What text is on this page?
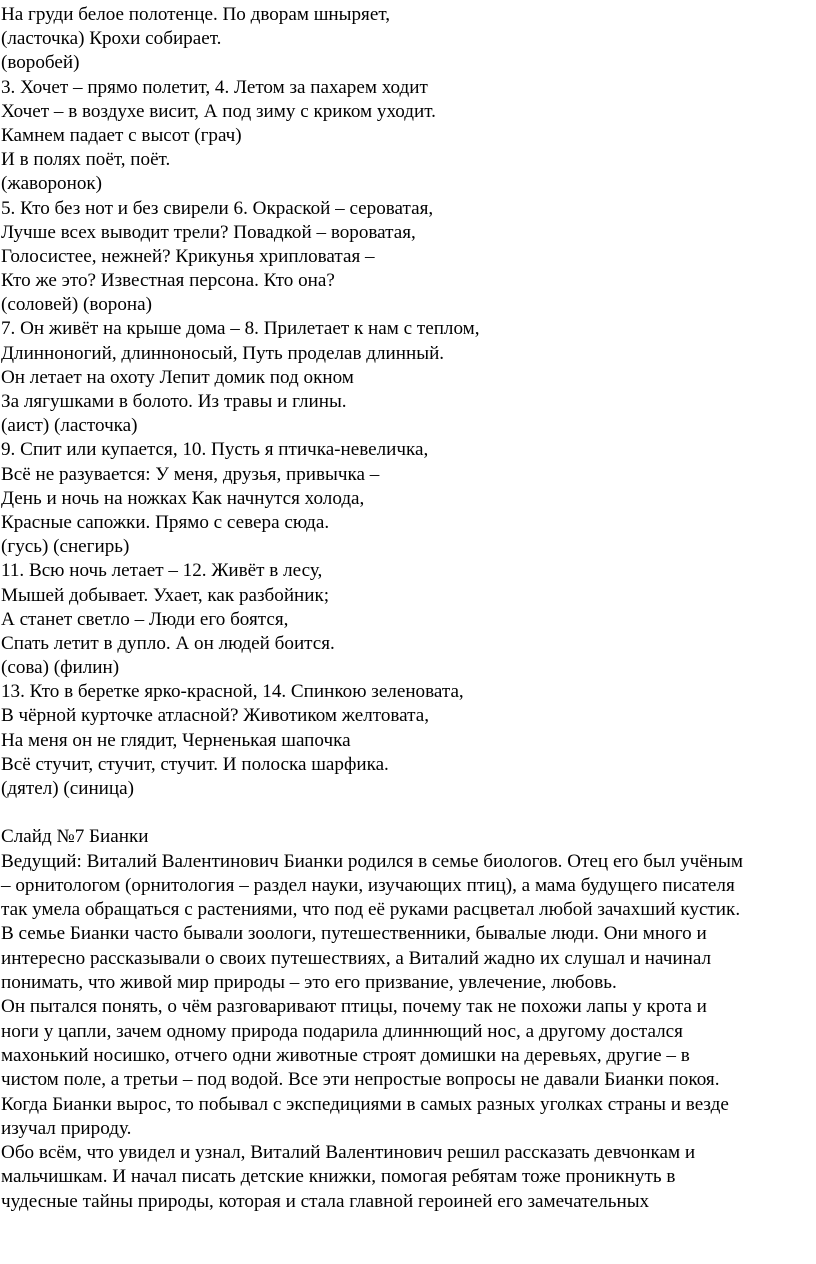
На груди белое полотенце. По дворам шныряет,
(ласточка) Крохи собирает.
(воробей)
3. Хочет – прямо полетит, 4. Летом за пахарем ходит
Хочет – в воздухе висит, А под зиму с криком уходит.
Камнем падает с высот (грач)
И в полях поёт, поёт.
(жаворонок)
5. Кто без нот и без свирели 6. Окраской – сероватая,
Лучше всех выводит трели? Повадкой – вороватая,
Голосистее, нежней? Крикунья хрипловатая –
Кто же это? Известная персона. Кто она?
(соловей) (ворона)
7. Он живёт на крыше дома – 8. Прилетает к нам с теплом,
Длинноногий, длинноносый, Путь проделав длинный.
Он летает на охоту Лепит домик под окном
За лягушками в болото. Из травы и глины.
(аист) (ласточка)
9. Спит или купается, 10. Пусть я птичка-невеличка,
Всё не разувается: У меня, друзья, привычка –
День и ночь на ножках Как начнутся холода,
Красные сапожки. Прямо с севера сюда.
(гусь) (снегирь)
11. Всю ночь летает – 12. Живёт в лесу,
Мышей добывает. Ухает, как разбойник;
А станет светло – Люди его боятся,
Спать летит в дупло. А он людей боится.
(сова) (филин)
13. Кто в беретке ярко-красной, 14. Спинкою зеленовата,
В чёрной курточке атласной? Животиком желтовата,
На меня он не глядит, Черненькая шапочка
Всё стучит, стучит, стучит. И полоска шарфика.
(дятел) (синица)
Слайд №7 Бианки
Ведущий: Виталий Валентинович Бианки родился в семье биологов. Отец его был учёным
– орнитологом (орнитология – раздел науки, изучающих птиц), а мама будущего писателя
так умела обращаться с растениями, что под её руками расцветал любой зачахший кустик.
В семье Бианки часто бывали зоологи, путешественники, бывалые люди. Они много и
интересно рассказывали о своих путешествиях, а Виталий жадно их слушал и начинал
понимать, что живой мир природы – это его призвание, увлечение, любовь.
Он пытался понять, о чём разговаривают птицы, почему так не похожи лапы у крота и
ноги у цапли, зачем одному природа подарила длиннющий нос, а другому достался
махонький носишко, отчего одни животные строят домишки на деревьях, другие – в
чистом поле, а третьи – под водой. Все эти непростые вопросы не давали Бианки покоя.
Когда Бианки вырос, то побывал с экспедициями в самых разных уголках страны и везде
изучал природу.
Обо всём, что увидел и узнал, Виталий Валентинович решил рассказать девчонкам и
мальчишкам. И начал писать детские книжки, помогая ребятам тоже проникнуть в
чудесные тайны природы, которая и стала главной героиней его замечательных
